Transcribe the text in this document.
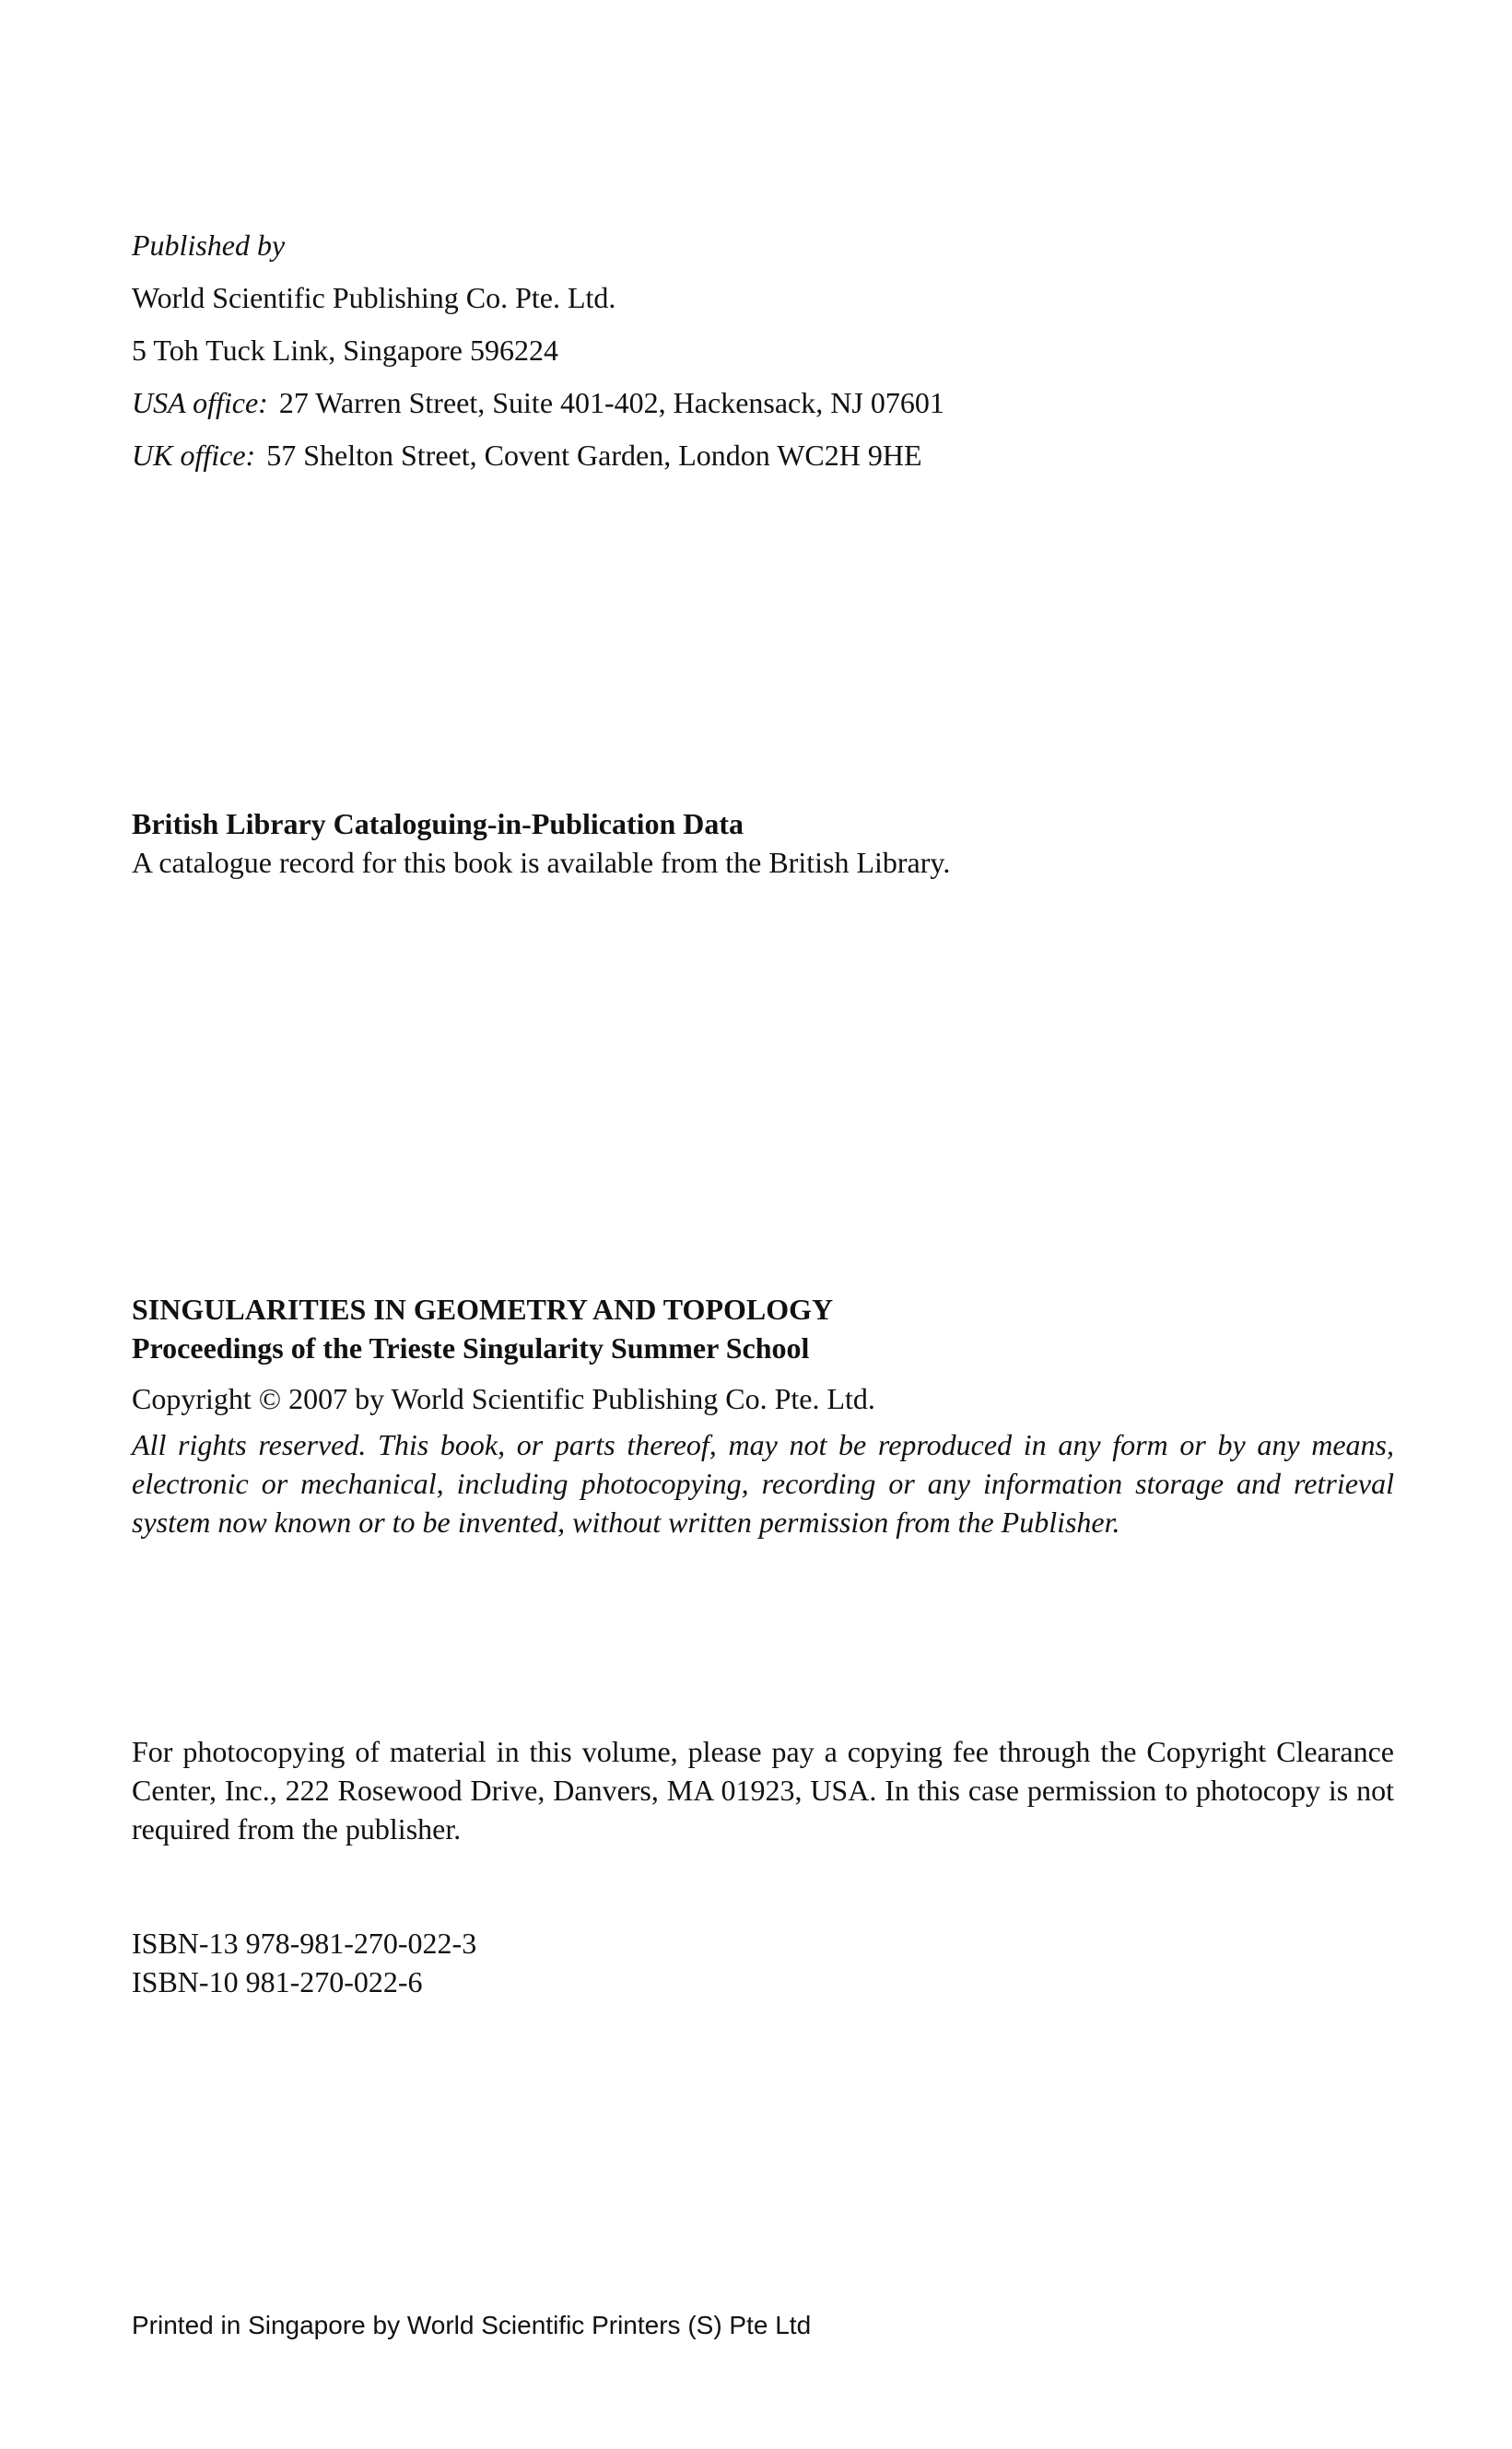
Published by
World Scientific Publishing Co. Pte. Ltd.
5 Toh Tuck Link, Singapore 596224
USA office: 27 Warren Street, Suite 401-402, Hackensack, NJ 07601
UK office: 57 Shelton Street, Covent Garden, London WC2H 9HE
British Library Cataloguing-in-Publication Data
A catalogue record for this book is available from the British Library.
SINGULARITIES IN GEOMETRY AND TOPOLOGY
Proceedings of the Trieste Singularity Summer School
Copyright © 2007 by World Scientific Publishing Co. Pte. Ltd.
All rights reserved. This book, or parts thereof, may not be reproduced in any form or by any means, electronic or mechanical, including photocopying, recording or any information storage and retrieval system now known or to be invented, without written permission from the Publisher.
For photocopying of material in this volume, please pay a copying fee through the Copyright Clearance Center, Inc., 222 Rosewood Drive, Danvers, MA 01923, USA. In this case permission to photocopy is not required from the publisher.
ISBN-13 978-981-270-022-3
ISBN-10 981-270-022-6
Printed in Singapore by World Scientific Printers (S) Pte Ltd
